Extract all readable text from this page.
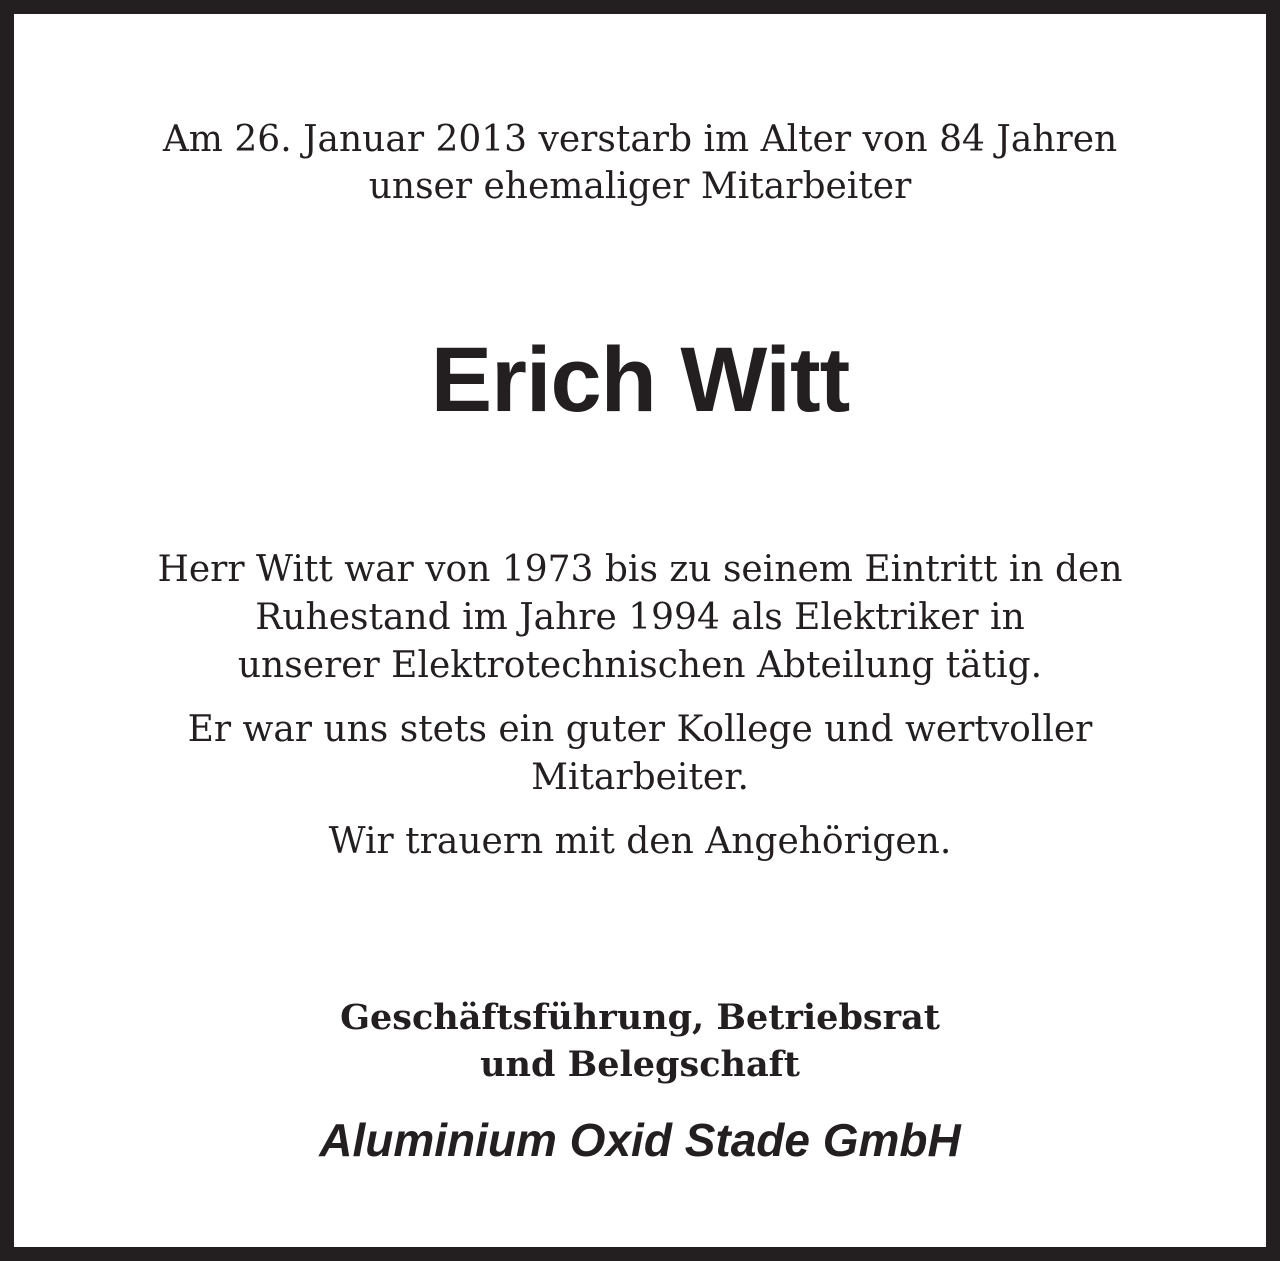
Am 26. Januar 2013 verstarb im Alter von 84 Jahren
unser ehemaliger Mitarbeiter
Erich Witt

Herr Witt war von 1973 bis zu seinem Eintritt in den
Ruhestand im Jahre 1994 als Elektriker in
unserer Elektrotechnischen Abteilung tätig.

Er war uns stets ein guter Kollege und wertvoller
Mitarbeiter.

Wir trauern mit den Angehörigen.

Geschäftsführung, Betriebsrat
und Belegschaft
Aluminium Oxid Stade GmbH
